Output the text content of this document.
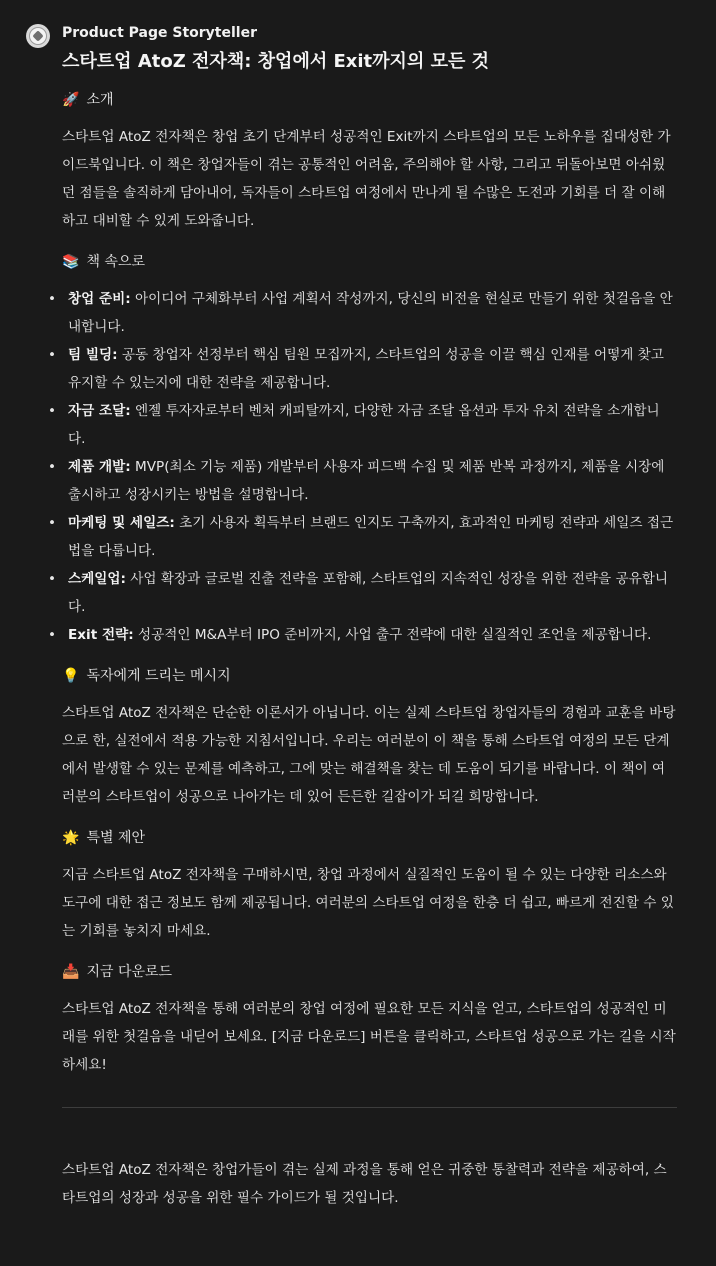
Product Page Storyteller

스타트업 AtoZ 전자책: 창업에서 Exit까지의 모든 것

🚀 소개

스타트업 AtoZ 전자책은 창업 초기 단계부터 성공적인 Exit까지 스타트업의 모든 노하우를 집대성한 가이드북입니다. 이 책은 창업자들이 겪는 공통적인 어려움, 주의해야 할 사항, 그리고 뒤돌아보면 아쉬웠던 점들을 솔직하게 담아내어, 독자들이 스타트업 여정에서 만나게 될 수많은 도전과 기회를 더 잘 이해하고 대비할 수 있게 도와줍니다.

📚 책 속으로

• 창업 준비: 아이디어 구체화부터 사업 계획서 작성까지, 당신의 비전을 현실로 만들기 위한 첫걸음을 안내합니다.
• 팀 빌딩: 공동 창업자 선정부터 핵심 팀원 모집까지, 스타트업의 성공을 이끌 핵심 인재를 어떻게 찾고 유지할 수 있는지에 대한 전략을 제공합니다.
• 자금 조달: 엔젤 투자자로부터 벤처 캐피탈까지, 다양한 자금 조달 옵션과 투자 유치 전략을 소개합니다.
• 제품 개발: MVP(최소 기능 제품) 개발부터 사용자 피드백 수집 및 제품 반복 과정까지, 제품을 시장에 출시하고 성장시키는 방법을 설명합니다.
• 마케팅 및 세일즈: 초기 사용자 획득부터 브랜드 인지도 구축까지, 효과적인 마케팅 전략과 세일즈 접근법을 다룹니다.
• 스케일업: 사업 확장과 글로벌 진출 전략을 포함해, 스타트업의 지속적인 성장을 위한 전략을 공유합니다.
• Exit 전략: 성공적인 M&A부터 IPO 준비까지, 사업 출구 전략에 대한 실질적인 조언을 제공합니다.

💡 독자에게 드리는 메시지

스타트업 AtoZ 전자책은 단순한 이론서가 아닙니다. 이는 실제 스타트업 창업자들의 경험과 교훈을 바탕으로 한, 실전에서 적용 가능한 지침서입니다. 우리는 여러분이 이 책을 통해 스타트업 여정의 모든 단계에서 발생할 수 있는 문제를 예측하고, 그에 맞는 해결책을 찾는 데 도움이 되기를 바랍니다. 이 책이 여러분의 스타트업이 성공으로 나아가는 데 있어 든든한 길잡이가 되길 희망합니다.

🌟 특별 제안

지금 스타트업 AtoZ 전자책을 구매하시면, 창업 과정에서 실질적인 도움이 될 수 있는 다양한 리소스와 도구에 대한 접근 정보도 함께 제공됩니다. 여러분의 스타트업 여정을 한층 더 쉽고, 빠르게 전진할 수 있는 기회를 놓치지 마세요.

📥 지금 다운로드

스타트업 AtoZ 전자책을 통해 여러분의 창업 여정에 필요한 모든 지식을 얻고, 스타트업의 성공적인 미래를 위한 첫걸음을 내딛어 보세요. [지금 다운로드] 버튼을 클릭하고, 스타트업 성공으로 가는 길을 시작하세요!

스타트업 AtoZ 전자책은 창업가들이 겪는 실제 과정을 통해 얻은 귀중한 통찰력과 전략을 제공하여, 스타트업의 성장과 성공을 위한 필수 가이드가 될 것입니다.
